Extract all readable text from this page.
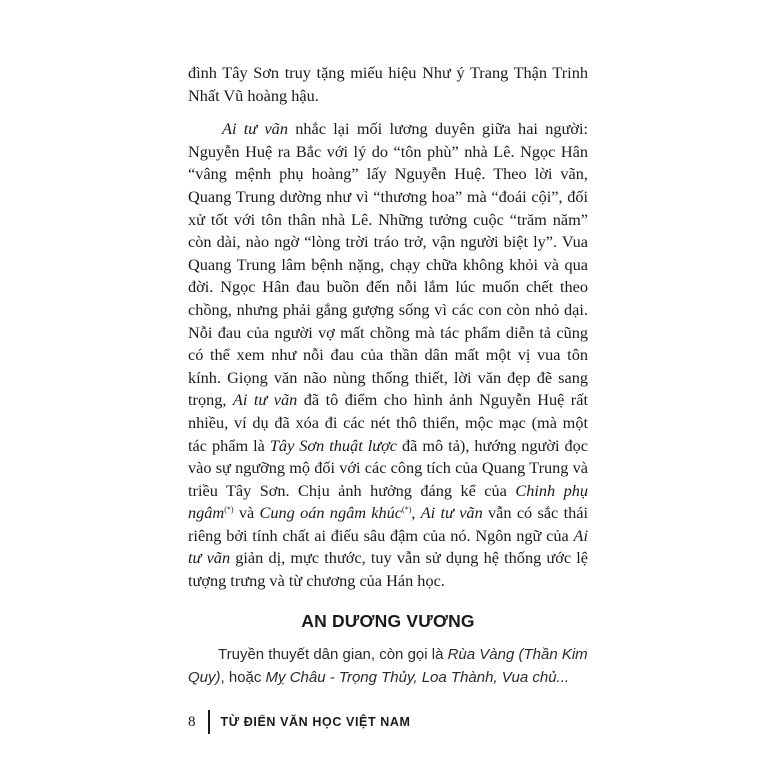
đình Tây Sơn truy tặng miếu hiệu Như ý Trang Thận Trinh Nhất Vũ hoàng hậu.

Ai tư vãn nhắc lại mối lương duyên giữa hai người: Nguyễn Huệ ra Bắc với lý do “tôn phù” nhà Lê. Ngọc Hân “vâng mệnh phụ hoàng” lấy Nguyễn Huệ. Theo lời vãn, Quang Trung dường như vì “thương hoa” mà “đoái cội”, đối xử tốt với tôn thân nhà Lê. Những tưởng cuộc “trăm năm” còn dài, nào ngờ “lòng trời tráo trở, vận người biệt ly”. Vua Quang Trung lâm bệnh nặng, chạy chữa không khỏi và qua đời. Ngọc Hân đau buồn đến nỗi lắm lúc muốn chết theo chồng, nhưng phải gắng gượng sống vì các con còn nhỏ dại. Nỗi đau của người vợ mất chồng mà tác phẩm diễn tả cũng có thể xem như nỗi đau của thần dân mất một vị vua tôn kính. Giọng văn não nùng thống thiết, lời văn đẹp đẽ sang trọng, Ai tư vãn đã tô điểm cho hình ảnh Nguyễn Huệ rất nhiều, ví dụ đã xóa đi các nét thô thiển, mộc mạc (mà một tác phẩm là Tây Sơn thuật lược đã mô tả), hướng người đọc vào sự ngưỡng mộ đối với các công tích của Quang Trung và triều Tây Sơn. Chịu ảnh hưởng đáng kể của Chinh phụ ngâm(*) và Cung oán ngâm khúc(*), Ai tư vãn vẫn có sắc thái riêng bởi tính chất ai điếu sâu đậm của nó. Ngôn ngữ của Ai tư vãn giản dị, mực thước, tuy vẫn sử dụng hệ thống ước lệ tượng trưng và từ chương của Hán học.

AN DƯƠNG VƯƠNG
Truyền thuyết dân gian, còn gọi là Rùa Vàng (Thần Kim Quy), hoặc Mỵ Châu - Trọng Thủy, Loa Thành, Vua chủ...
8	TỪ ĐIỂN VĂN HỌC VIỆT NAM
